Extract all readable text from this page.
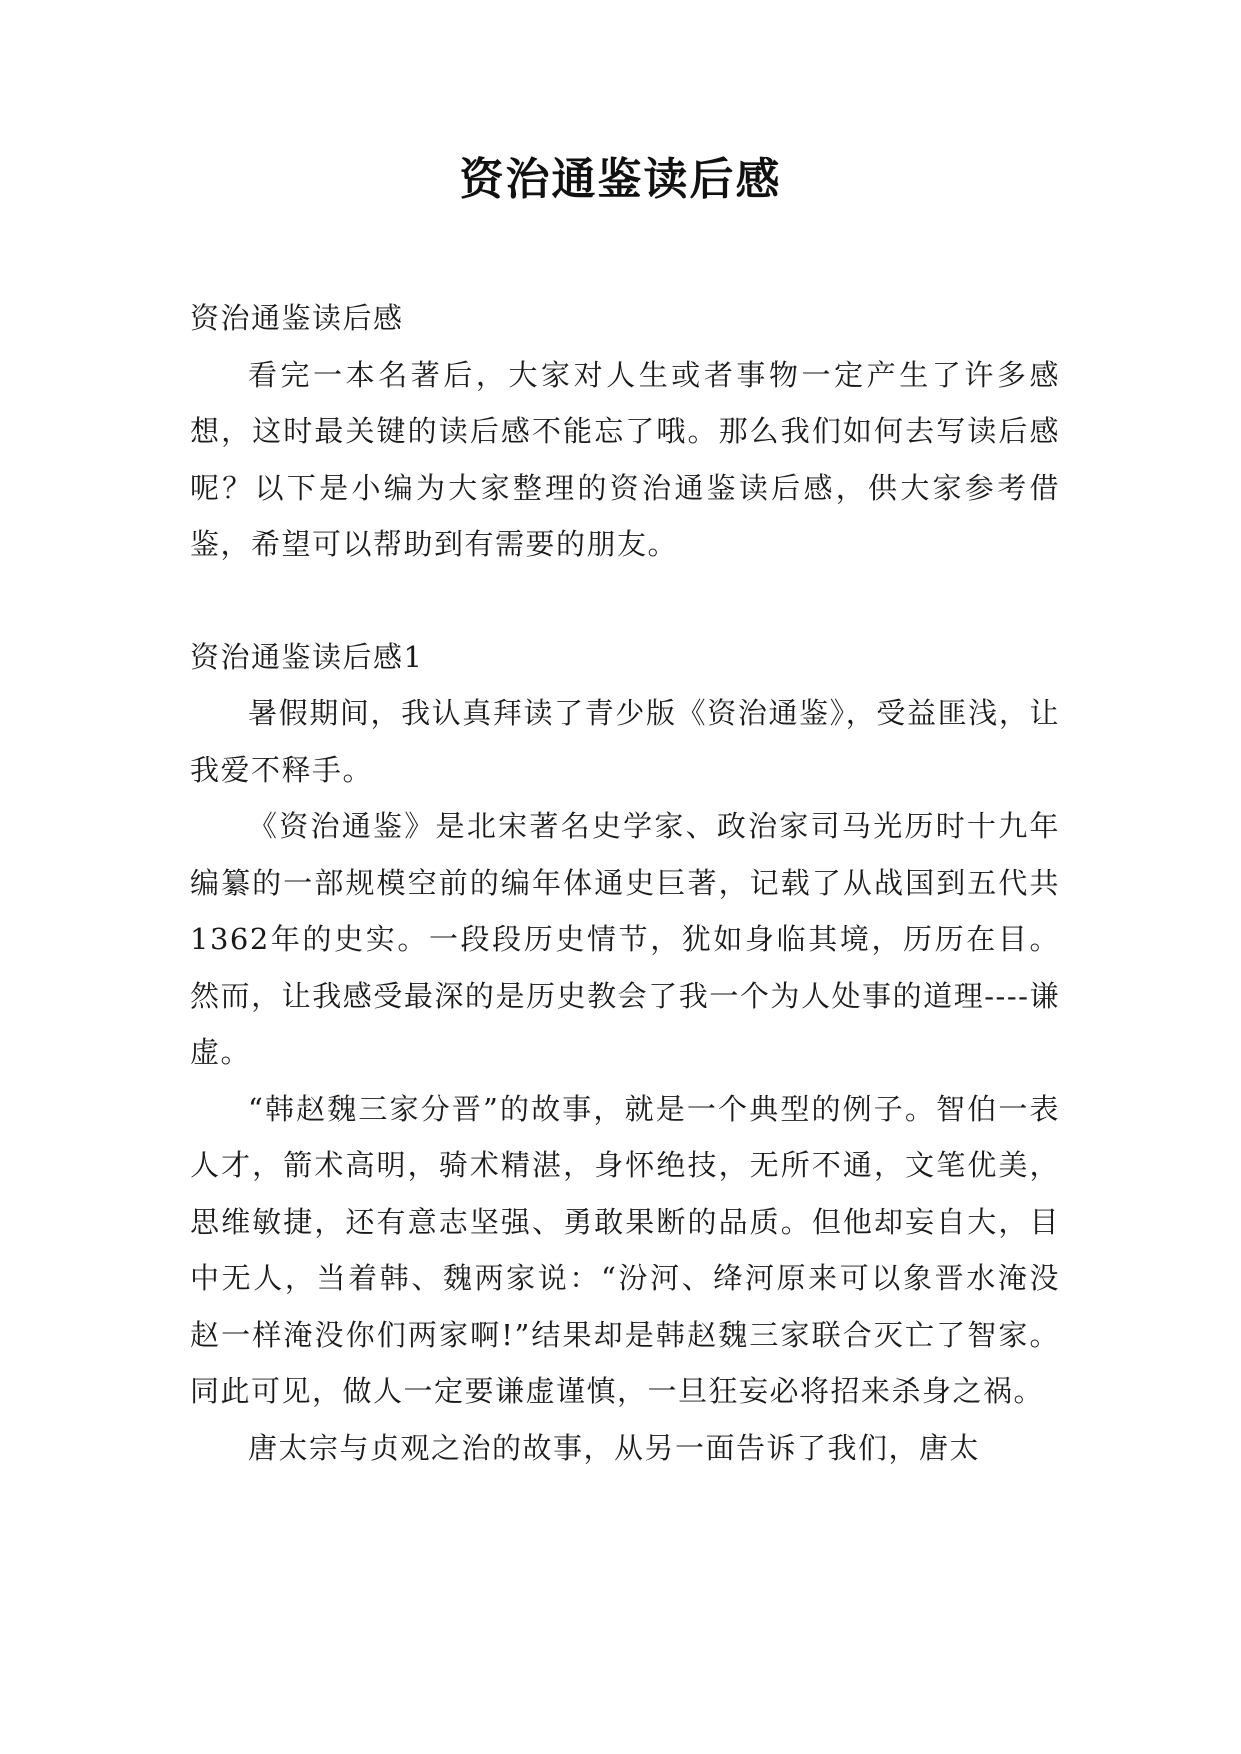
资治通鉴读后感

资治通鉴读后感

看完一本名著后，大家对人生或者事物一定产生了许多感想，这时最关键的读后感不能忘了哦。那么我们如何去写读后感呢？以下是小编为大家整理的资治通鉴读后感，供大家参考借鉴，希望可以帮助到有需要的朋友。

资治通鉴读后感1

暑假期间，我认真拜读了青少版《资治通鉴》，受益匪浅，让我爱不释手。

《资治通鉴》是北宋著名史学家、政治家司马光历时十九年编纂的一部规模空前的编年体通史巨著，记载了从战国到五代共1362年的史实。一段段历史情节，犹如身临其境，历历在目。然而，让我感受最深的是历史教会了我一个为人处事的道理----谦虚。

“韩赵魏三家分晋”的故事，就是一个典型的例子。智伯一表人才，箭术高明，骑术精湛，身怀绝技，无所不通，文笔优美，思维敏捷，还有意志坚强、勇敢果断的品质。但他却妄自大，目中无人，当着韩、魏两家说：“汾河、绛河原来可以象晋水淹没赵一样淹没你们两家啊!”结果却是韩赵魏三家联合灭亡了智家。同此可见，做人一定要谦虚谨慎，一旦狂妄必将招来杀身之祸。

唐太宗与贞观之治的故事，从另一面告诉了我们，唐太
